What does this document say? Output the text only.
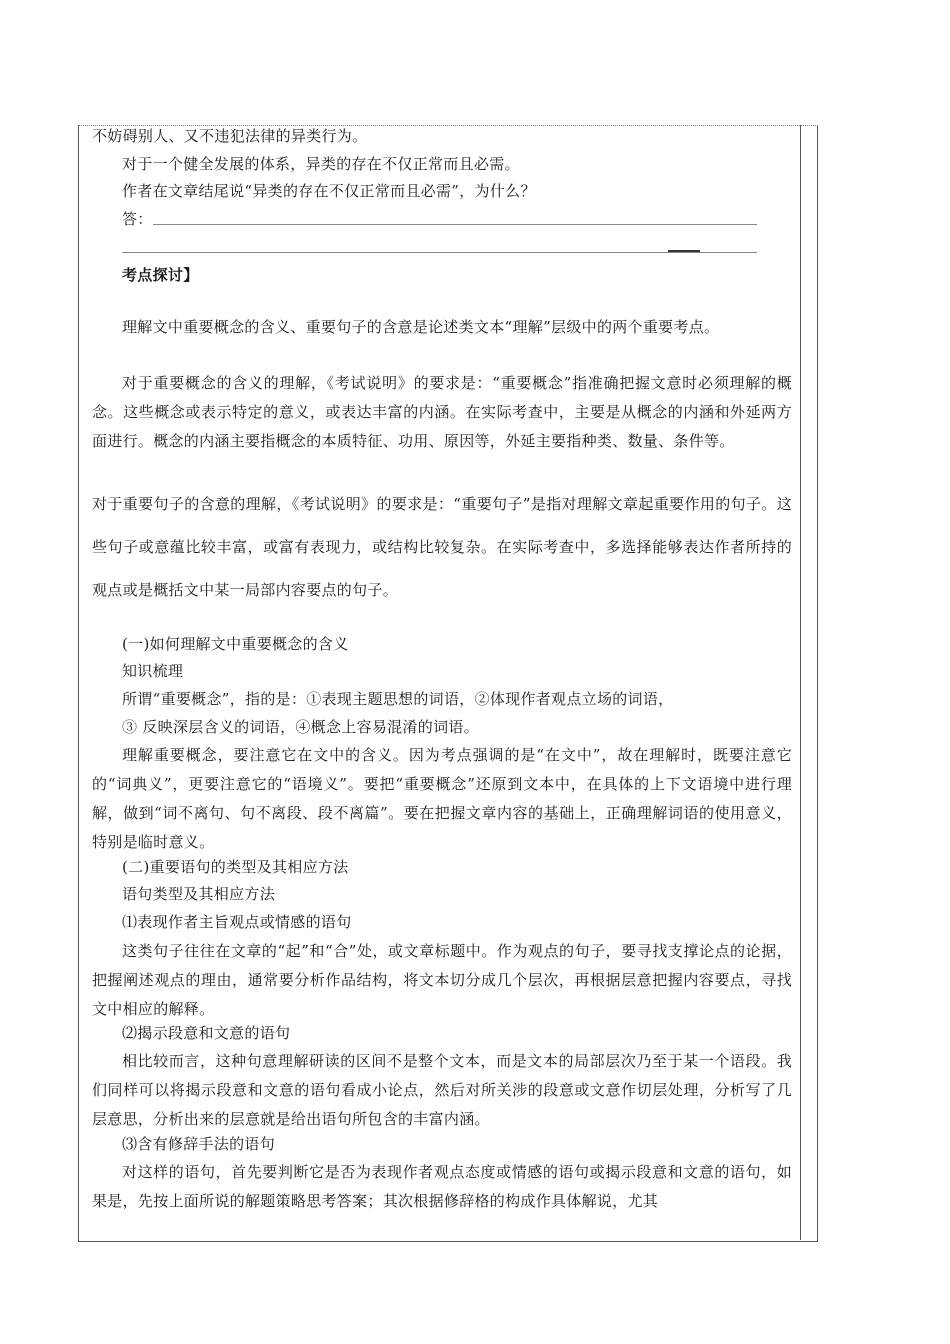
不妨碍别人、又不违犯法律的异类行为。
对于一个健全发展的体系，异类的存在不仅正常而且必需。
作者在文章结尾说“异类的存在不仅正常而且必需”，为什么？
答：
考点探讨】
理解文中重要概念的含义、重要句子的含意是论述类文本“理解”层级中的两个重要考点。
对于重要概念的含义的理解，《考试说明》的要求是：“重要概念”指准确把握文意时必须理解的概念。这些概念或表示特定的意义，或表达丰富的内涵。在实际考查中，主要是从概念的内涵和外延两方面进行。概念的内涵主要指概念的本质特征、功用、原因等，外延主要指种类、数量、条件等。
对于重要句子的含意的理解，《考试说明》的要求是：“重要句子”是指对理解文章起重要作用的句子。这些句子或意蕴比较丰富，或富有表现力，或结构比较复杂。在实际考查中，多选择能够表达作者所持的观点或是概括文中某一局部内容要点的句子。
(一)如何理解文中重要概念的含义
知识梳理
所谓“重要概念”，指的是：①表现主题思想的词语，②体现作者观点立场的词语，
③ 反映深层含义的词语，④概念上容易混淆的词语。
理解重要概念，要注意它在文中的含义。因为考点强调的是“在文中”，故在理解时，既要注意它的“词典义”，更要注意它的“语境义”。要把“重要概念”还原到文本中，在具体的上下文语境中进行理解，做到“词不离句、句不离段、段不离篇”。要在把握文章内容的基础上，正确理解词语的使用意义，特别是临时意义。
(二)重要语句的类型及其相应方法
语句类型及其相应方法
⑴表现作者主旨观点或情感的语句
这类句子往往在文章的“起”和“合”处，或文章标题中。作为观点的句子，要寻找支撑论点的论据，把握阐述观点的理由，通常要分析作品结构，将文本切分成几个层次，再根据层意把握内容要点，寻找文中相应的解释。
⑵揭示段意和文意的语句
相比较而言，这种句意理解研读的区间不是整个文本，而是文本的局部层次乃至于某一个语段。我们同样可以将揭示段意和文意的语句看成小论点，然后对所关涉的段意或文意作切层处理，分析写了几层意思，分析出来的层意就是给出语句所包含的丰富内涵。
⑶含有修辞手法的语句
对这样的语句，首先要判断它是否为表现作者观点态度或情感的语句或揭示段意和文意的语句，如果是，先按上面所说的解题策略思考答案；其次根据修辞格的构成作具体解说，尤其
